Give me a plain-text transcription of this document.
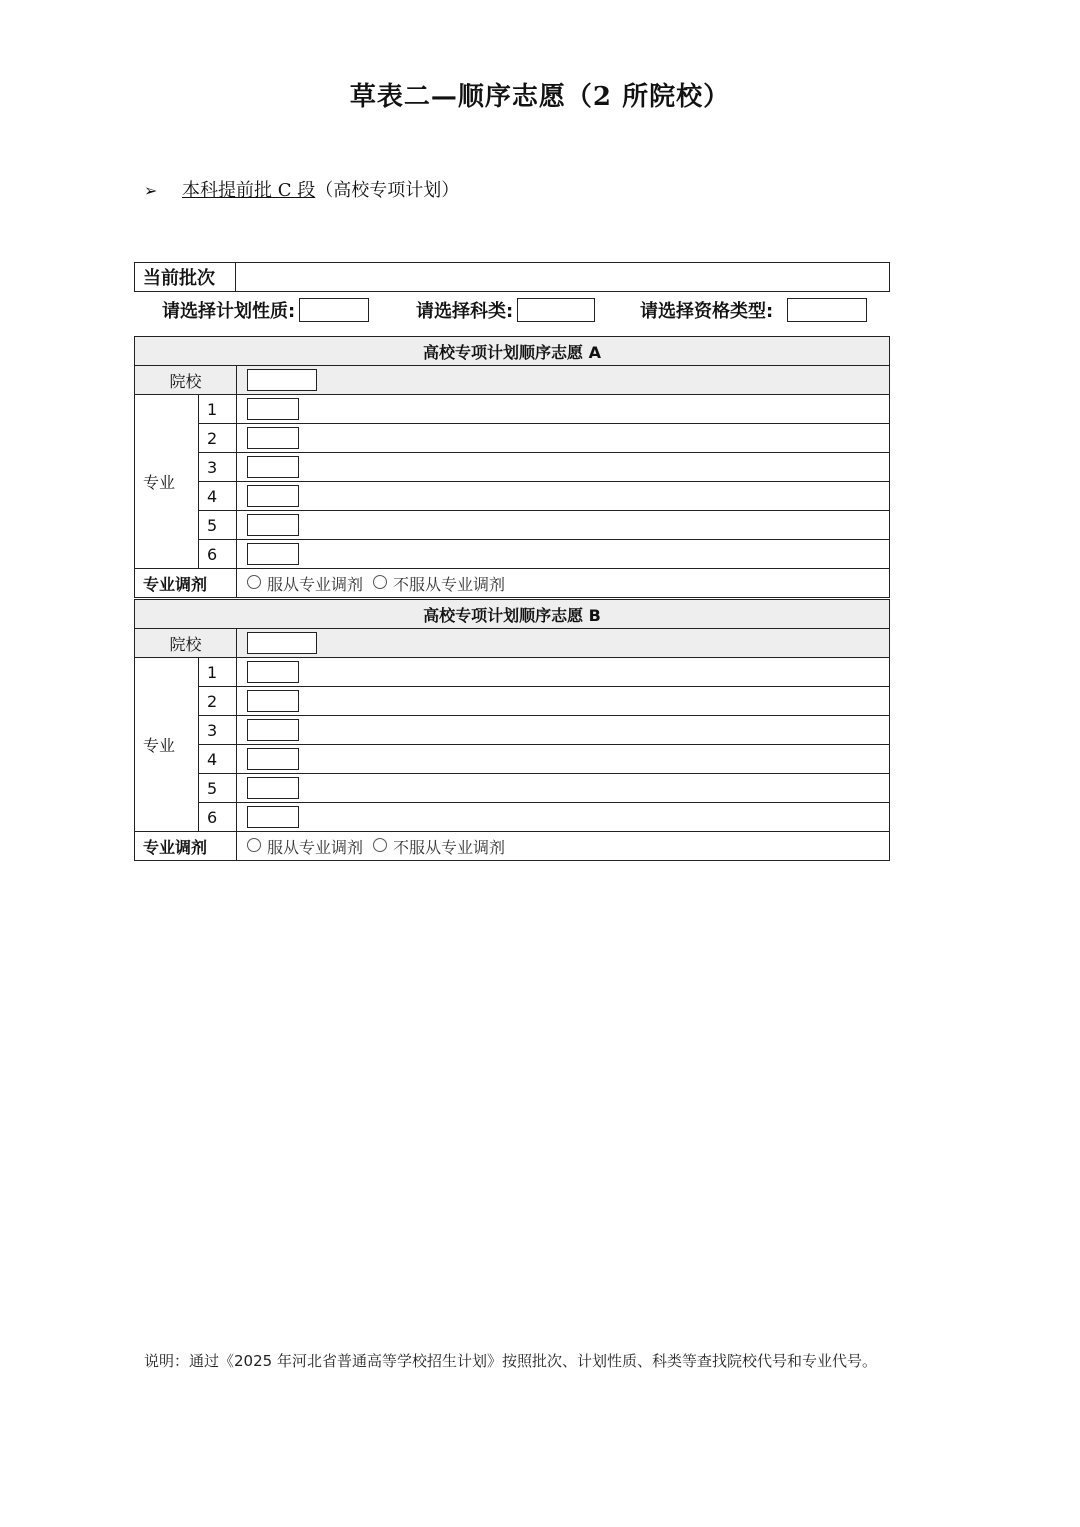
草表二—顺序志愿（2 所院校）
➢ 本科提前批 C 段（高校专项计划）
当前批次
请选择计划性质:	请选择科类:	请选择资格类型:
高校专项计划顺序志愿 A		
院校		
专业	1	
	2	
	3	
	4	
	5	
	6	
专业调剂		服从专业调剂 不服从专业调剂
高校专项计划顺序志愿 B		
院校		
专业	1	
	2	
	3	
	4	
	5	
	6	
专业调剂		服从专业调剂 不服从专业调剂
说明：通过《2025 年河北省普通高等学校招生计划》按照批次、计划性质、科类等查找院校代号和专业代号。
